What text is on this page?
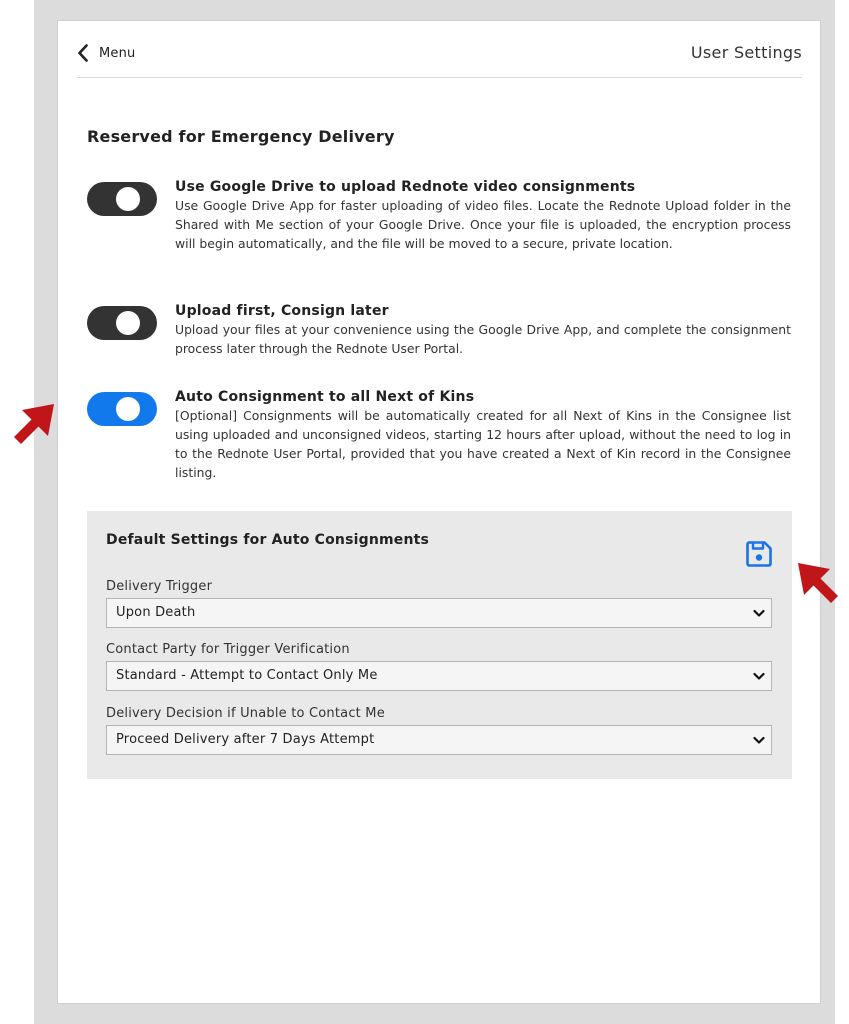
Menu	User Settings
Reserved for Emergency Delivery
Use Google Drive to upload Rednote video consignments
Use Google Drive App for faster uploading of video files. Locate the Rednote Upload folder in the Shared with Me section of your Google Drive. Once your file is uploaded, the encryption process will begin automatically, and the file will be moved to a secure, private location.
Upload first, Consign later
Upload your files at your convenience using the Google Drive App, and complete the consignment process later through the Rednote User Portal.
Auto Consignment to all Next of Kins
[Optional] Consignments will be automatically created for all Next of Kins in the Consignee list using uploaded and unconsigned videos, starting 12 hours after upload, without the need to log in to the Rednote User Portal, provided that you have created a Next of Kin record in the Consignee listing.
Default Settings for Auto Consignments
Delivery Trigger
Upon Death
Contact Party for Trigger Verification
Standard - Attempt to Contact Only Me
Delivery Decision if Unable to Contact Me
Proceed Delivery after 7 Days Attempt
